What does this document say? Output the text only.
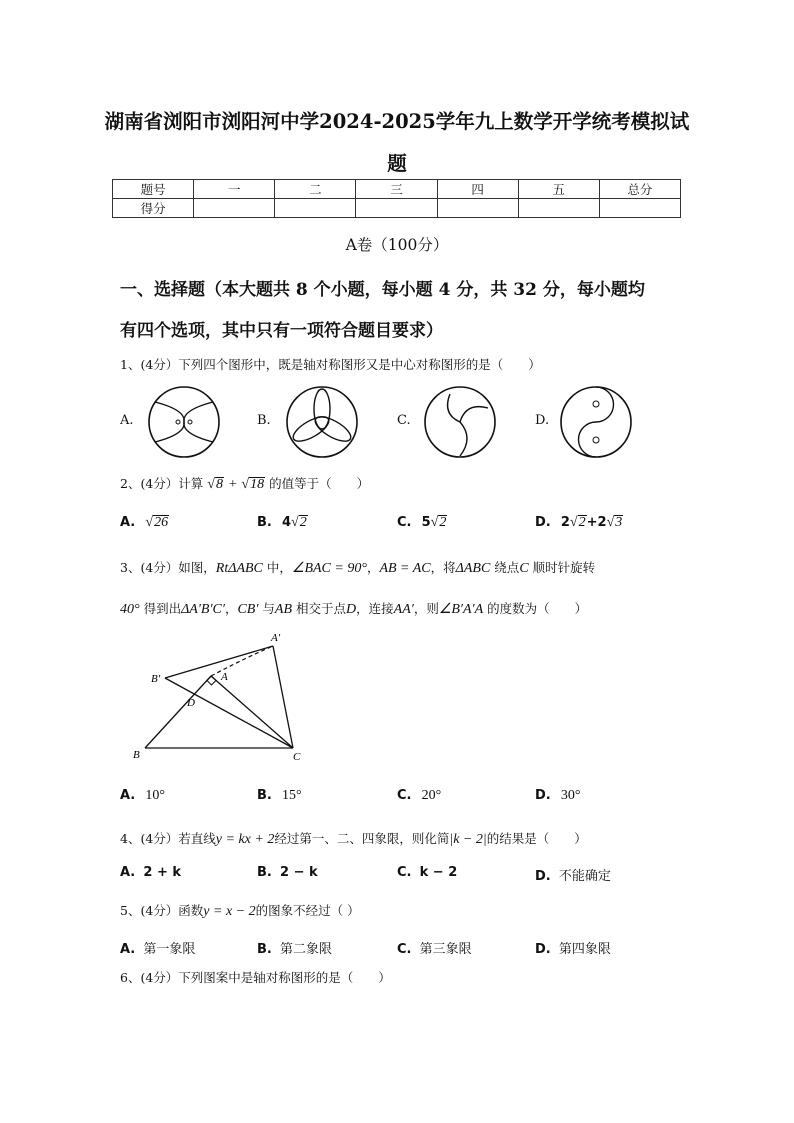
湖南省浏阳市浏阳河中学2024-2025学年九上数学开学统考模拟试
题
题号	一	二	三	四	五	总分
得分						
A卷（100分）
一、选择题（本大题共 8 个小题，每小题 4 分，共 32 分，每小题均
有四个选项，其中只有一项符合题目要求）
1、(4分）下列四个图形中，既是轴对称图形又是中心对称图形的是（　　）
A.	B.	C.	D.
2、(4分）计算 √8 + √18 的值等于（　　）
A. √26	B. 4√2	C. 5√2	D. 2√2+2√3
3、(4分）如图，RtΔABC 中，∠BAC = 90°，AB = AC，将ΔABC 绕点C 顺时针旋转
40° 得到出ΔA′B′C′，CB′ 与AB 相交于点D，连接AA′，则∠B′A′A 的度数为（　　）
A′
B′	A
D
B	C
A. 10°	B. 15°	C. 20°	D. 30°
4、(4分）若直线y = kx + 2经过第一、二、四象限，则化简|k − 2|的结果是（　　）
A. 2 + k	B. 2 − k	C. k − 2	D. 不能确定
5、(4分）函数y = x − 2的图象不经过（ ）
A. 第一象限	B. 第二象限	C. 第三象限	D. 第四象限
6、(4分）下列图案中是轴对称图形的是（　　）
